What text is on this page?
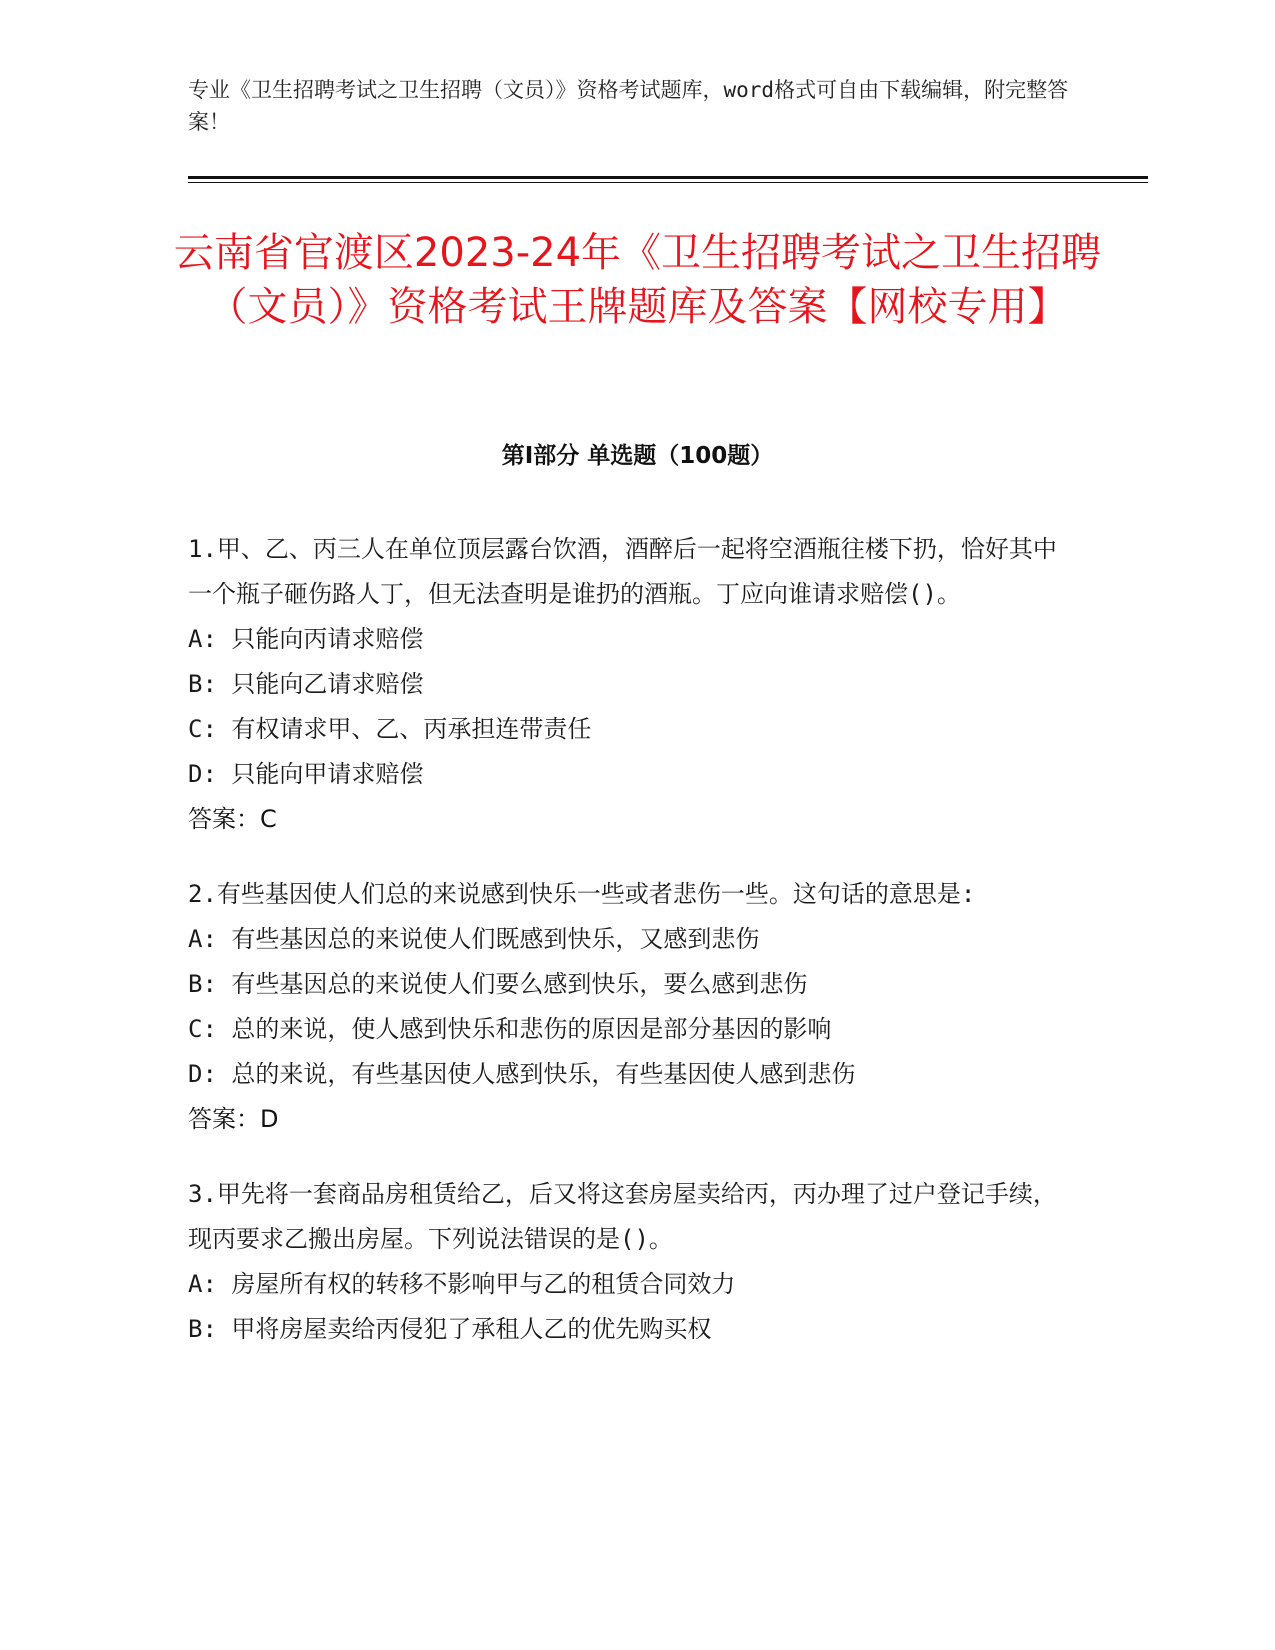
专业《卫生招聘考试之卫生招聘（文员）》资格考试题库，word格式可自由下载编辑，附完整答案！
云南省官渡区2023-24年《卫生招聘考试之卫生招聘（文员）》资格考试王牌题库及答案【网校专用】
第Ⅰ部分 单选题（100题）
1.甲、乙、丙三人在单位顶层露台饮酒，酒醉后一起将空酒瓶往楼下扔，恰好其中一个瓶子砸伤路人丁，但无法查明是谁扔的酒瓶。丁应向谁请求赔偿()。
A: 只能向丙请求赔偿
B: 只能向乙请求赔偿
C: 有权请求甲、乙、丙承担连带责任
D: 只能向甲请求赔偿
答案：C
2.有些基因使人们总的来说感到快乐一些或者悲伤一些。这句话的意思是:
A: 有些基因总的来说使人们既感到快乐，又感到悲伤
B: 有些基因总的来说使人们要么感到快乐，要么感到悲伤
C: 总的来说，使人感到快乐和悲伤的原因是部分基因的影响
D: 总的来说，有些基因使人感到快乐，有些基因使人感到悲伤
答案：D
3.甲先将一套商品房租赁给乙，后又将这套房屋卖给丙，丙办理了过户登记手续，现丙要求乙搬出房屋。下列说法错误的是()。
A: 房屋所有权的转移不影响甲与乙的租赁合同效力
B: 甲将房屋卖给丙侵犯了承租人乙的优先购买权
